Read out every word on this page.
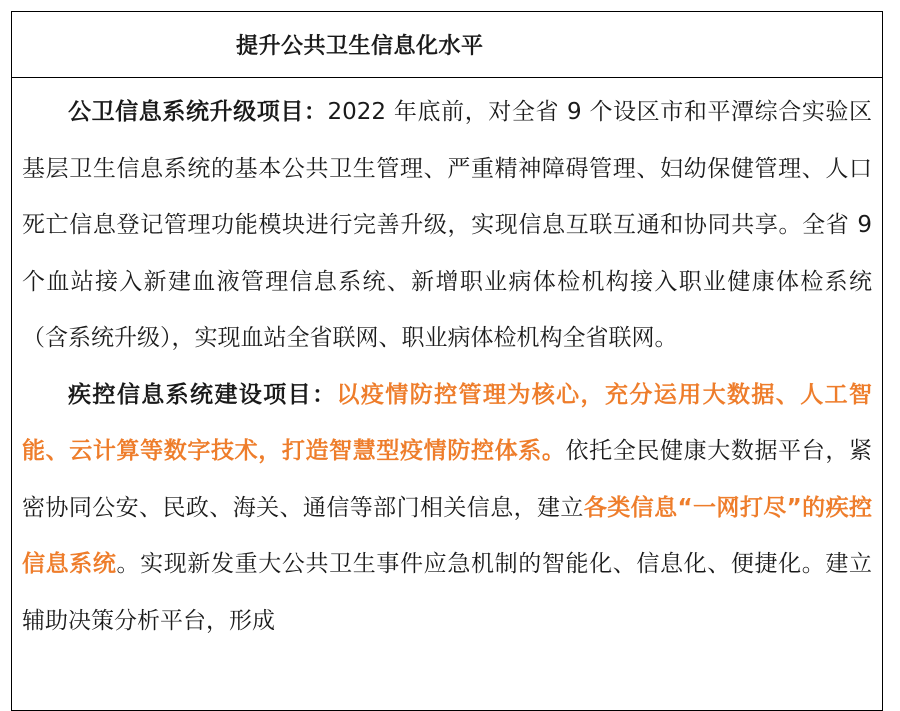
提升公共卫生信息化水平

公卫信息系统升级项目：2022 年底前，对全省 9 个设区市和平潭综合实验区基层卫生信息系统的基本公共卫生管理、严重精神障碍管理、妇幼保健管理、人口死亡信息登记管理功能模块进行完善升级，实现信息互联互通和协同共享。全省 9 个血站接入新建血液管理信息系统、新增职业病体检机构接入职业健康体检系统（含系统升级），实现血站全省联网、职业病体检机构全省联网。

疾控信息系统建设项目：以疫情防控管理为核心，充分运用大数据、人工智能、云计算等数字技术，打造智慧型疫情防控体系。依托全民健康大数据平台，紧密协同公安、民政、海关、通信等部门相关信息，建立各类信息“一网打尽”的疾控信息系统。实现新发重大公共卫生事件应急机制的智能化、信息化、便捷化。建立辅助决策分析平台，形成
